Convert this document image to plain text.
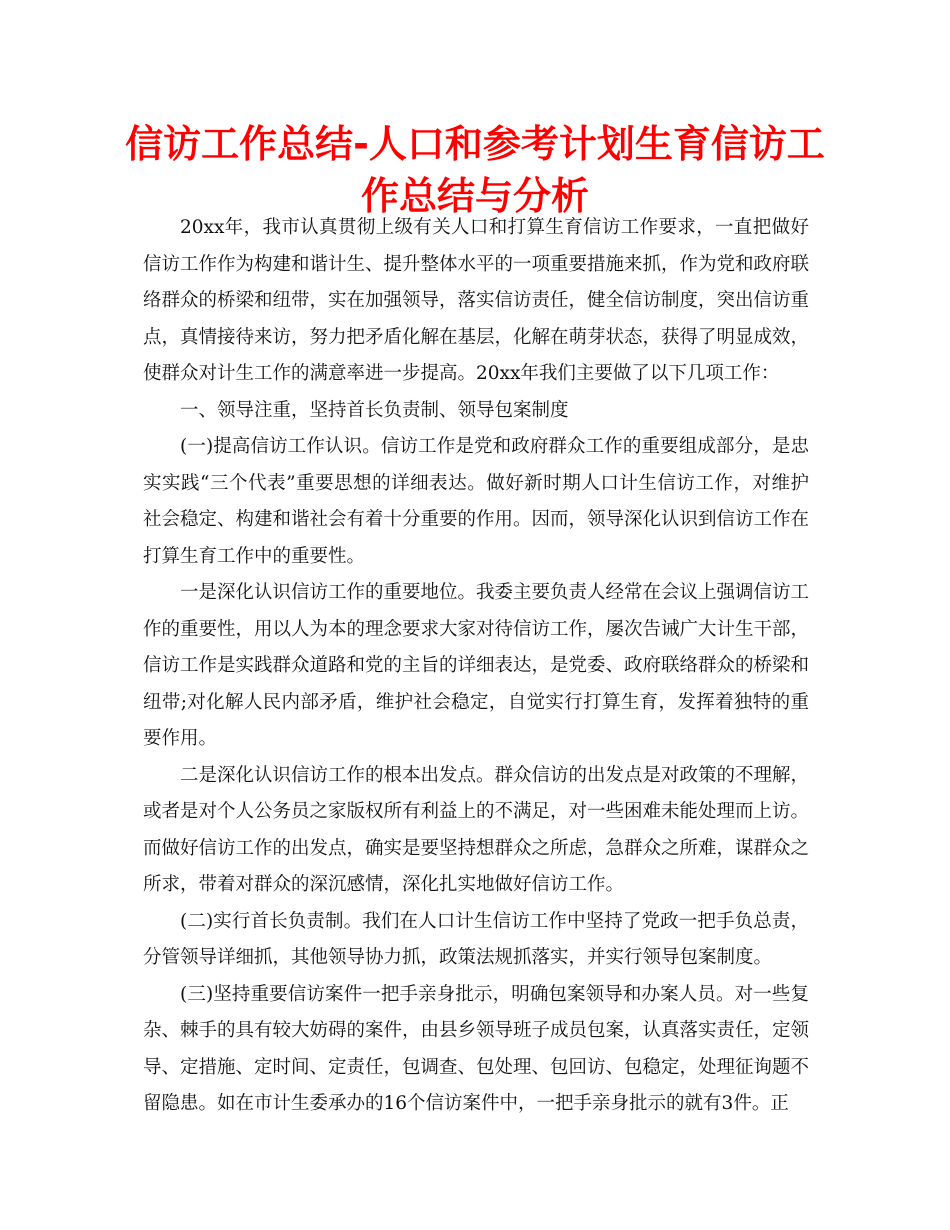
信访工作总结-人口和参考计划生育信访工作总结与分析

20xx年，我市认真贯彻上级有关人口和打算生育信访工作要求，一直把做好信访工作作为构建和谐计生、提升整体水平的一项重要措施来抓，作为党和政府联络群众的桥梁和纽带，实在加强领导，落实信访责任，健全信访制度，突出信访重点，真情接待来访，努力把矛盾化解在基层，化解在萌芽状态，获得了明显成效，使群众对计生工作的满意率进一步提高。20xx年我们主要做了以下几项工作：

一、领导注重，坚持首长负责制、领导包案制度

(一)提高信访工作认识。信访工作是党和政府群众工作的重要组成部分，是忠实实践“三个代表”重要思想的详细表达。做好新时期人口计生信访工作，对维护社会稳定、构建和谐社会有着十分重要的作用。因而，领导深化认识到信访工作在打算生育工作中的重要性。

一是深化认识信访工作的重要地位。我委主要负责人经常在会议上强调信访工作的重要性，用以人为本的理念要求大家对待信访工作，屡次告诫广大计生干部，信访工作是实践群众道路和党的主旨的详细表达，是党委、政府联络群众的桥梁和纽带;对化解人民内部矛盾，维护社会稳定，自觉实行打算生育，发挥着独特的重要作用。

二是深化认识信访工作的根本出发点。群众信访的出发点是对政策的不理解，或者是对个人公务员之家版权所有利益上的不满足，对一些困难未能处理而上访。而做好信访工作的出发点，确实是要坚持想群众之所虑，急群众之所难，谋群众之所求，带着对群众的深沉感情，深化扎实地做好信访工作。

(二)实行首长负责制。我们在人口计生信访工作中坚持了党政一把手负总责，分管领导详细抓，其他领导协力抓，政策法规抓落实，并实行领导包案制度。

(三)坚持重要信访案件一把手亲身批示，明确包案领导和办案人员。对一些复杂、棘手的具有较大妨碍的案件，由县乡领导班子成员包案，认真落实责任，定领导、定措施、定时间、定责任，包调查、包处理、包回访、包稳定，处理征询题不留隐患。如在市计生委承办的16个信访案件中，一把手亲身批示的就有3件。正
